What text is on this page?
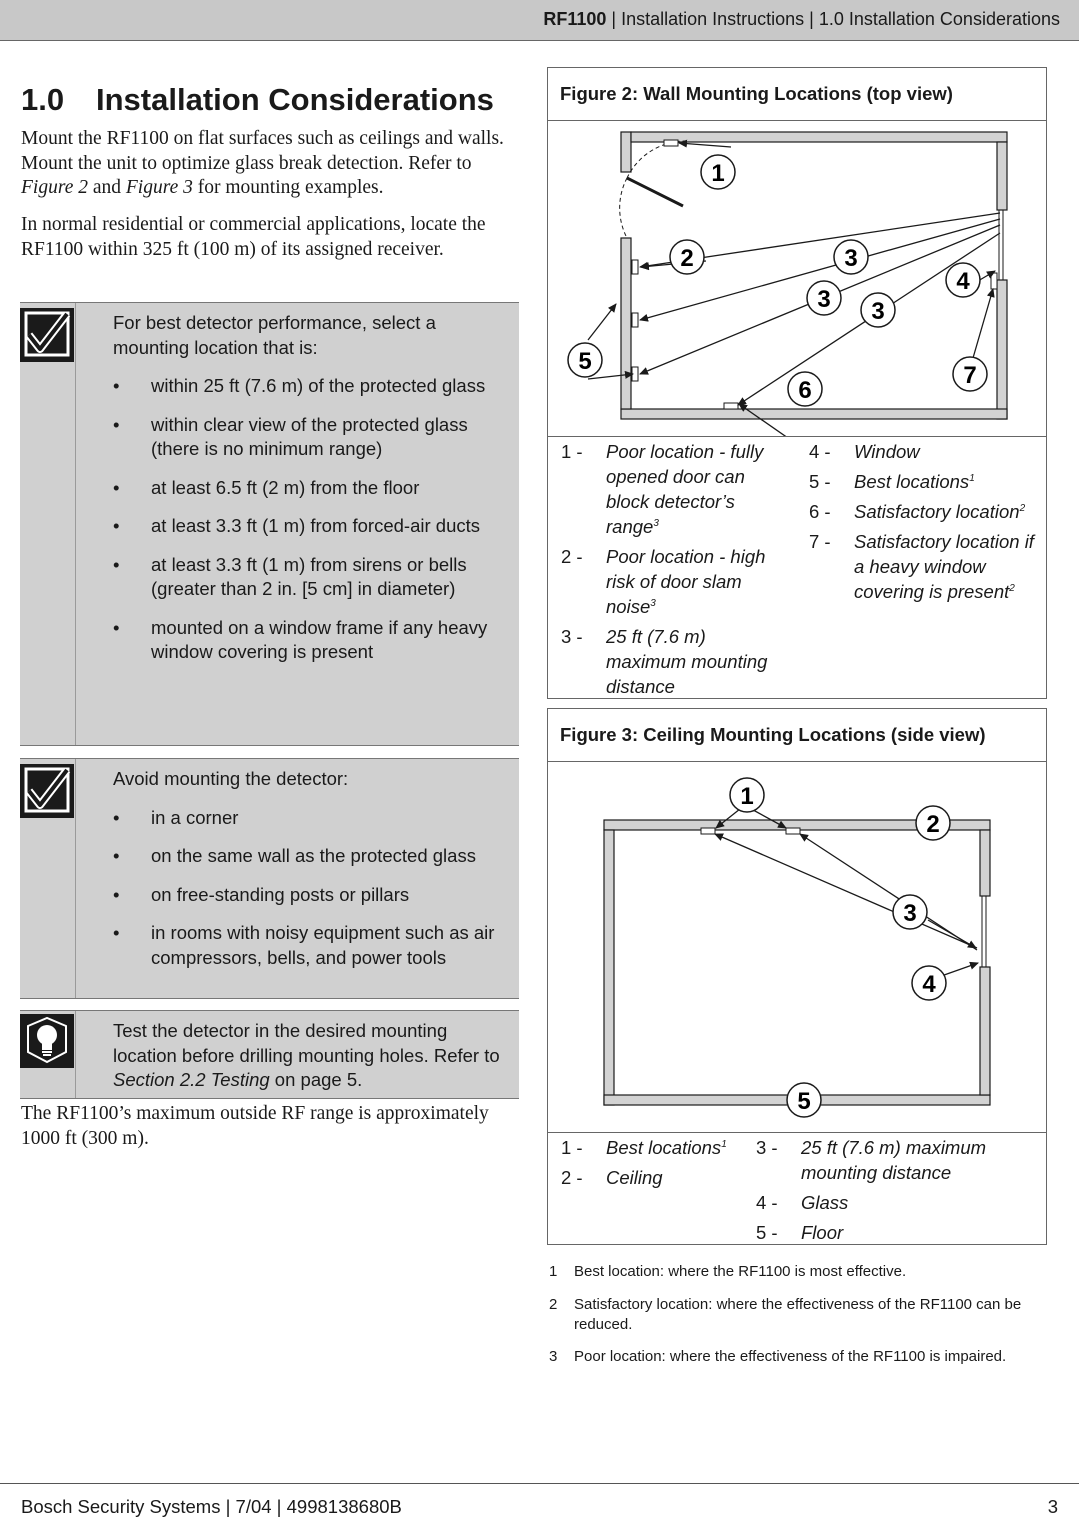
RF1100 | Installation Instructions | 1.0 Installation Considerations
1.0 Installation Considerations

Mount the RF1100 on flat surfaces such as ceilings and walls. Mount the unit to optimize glass break detection. Refer to Figure 2 and Figure 3 for mounting examples.

In normal residential or commercial applications, locate the RF1100 within 325 ft (100 m) of its assigned receiver.

For best detector performance, select a mounting location that is:

• within 25 ft (7.6 m) of the protected glass
• within clear view of the protected glass (there is no minimum range)
• at least 6.5 ft (2 m) from the floor
• at least 3.3 ft (1 m) from forced-air ducts
• at least 3.3 ft (1 m) from sirens or bells (greater than 2 in. [5 cm] in diameter)
• mounted on a window frame if any heavy window covering is present

Avoid mounting the detector:

• in a corner
• on the same wall as the protected glass
• on free-standing posts or pillars
• in rooms with noisy equipment such as air compressors, bells, and power tools

Test the detector in the desired mounting location before drilling mounting holes. Refer to Section 2.2 Testing on page 5.

The RF1100’s maximum outside RF range is approximately 1000 ft (300 m).

Figure 2: Wall Mounting Locations (top view)
1
2	3
3 3
4
5
6
7
1 - Poor location - fully opened door can block detector’s range$^3$
2 - Poor location - high risk of door slam noise$^3$
3 - 25 ft (7.6 m) maximum mounting distance
4 - Window
5 - Best locations$^1$
6 - Satisfactory location$^2$
7 - Satisfactory location if a heavy window covering is present$^2$
Figure 3: Ceiling Mounting Locations (side view)
1
2
3
4
5
1 - Best locations$^1$
2 - Ceiling
3 - 25 ft (7.6 m) maximum mounting distance
4 - Glass
5 - Floor
1	Best location: where the RF1100 is most effective.
2	Satisfactory location: where the effectiveness of the RF1100 can be reduced.
3	Poor location: where the effectiveness of the RF1100 is impaired.
Bosch Security Systems | 7/04 | 4998138680B	3
